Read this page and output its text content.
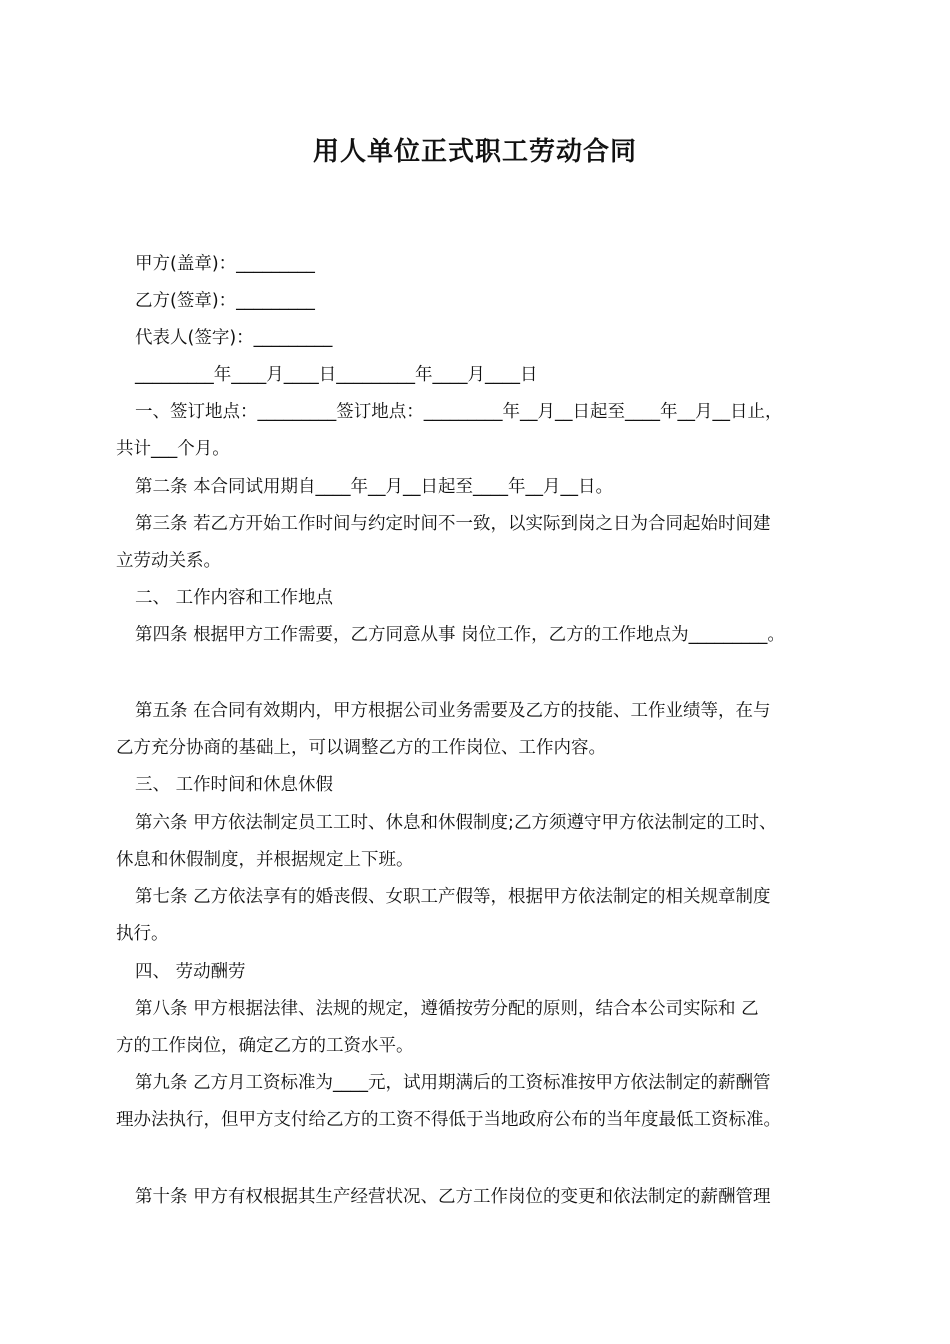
用人单位正式职工劳动合同
甲方(盖章)：_________
乙方(签章)：_________
代表人(签字)：_________
_________年____月____日_________年____月____日
一、签订地点：_________签订地点：_________年__月__日起至____年__月__日止，
共计___个月。
第二条 本合同试用期自____年__月__日起至____年__月__日。
第三条 若乙方开始工作时间与约定时间不一致，以实际到岗之日为合同起始时间建
立劳动关系。
二、 工作内容和工作地点
第四条 根据甲方工作需要，乙方同意从事 岗位工作，乙方的工作地点为_________。
第五条 在合同有效期内，甲方根据公司业务需要及乙方的技能、工作业绩等，在与
乙方充分协商的基础上，可以调整乙方的工作岗位、工作内容。
三、 工作时间和休息休假
第六条 甲方依法制定员工工时、休息和休假制度;乙方须遵守甲方依法制定的工时、
休息和休假制度，并根据规定上下班。
第七条 乙方依法享有的婚丧假、女职工产假等，根据甲方依法制定的相关规章制度
执行。
四、 劳动酬劳
第八条 甲方根据法律、法规的规定，遵循按劳分配的原则，结合本公司实际和 乙
方的工作岗位，确定乙方的工资水平。
第九条 乙方月工资标准为____元，试用期满后的工资标准按甲方依法制定的薪酬管
理办法执行，但甲方支付给乙方的工资不得低于当地政府公布的当年度最低工资标准。
第十条 甲方有权根据其生产经营状况、乙方工作岗位的变更和依法制定的薪酬管理
